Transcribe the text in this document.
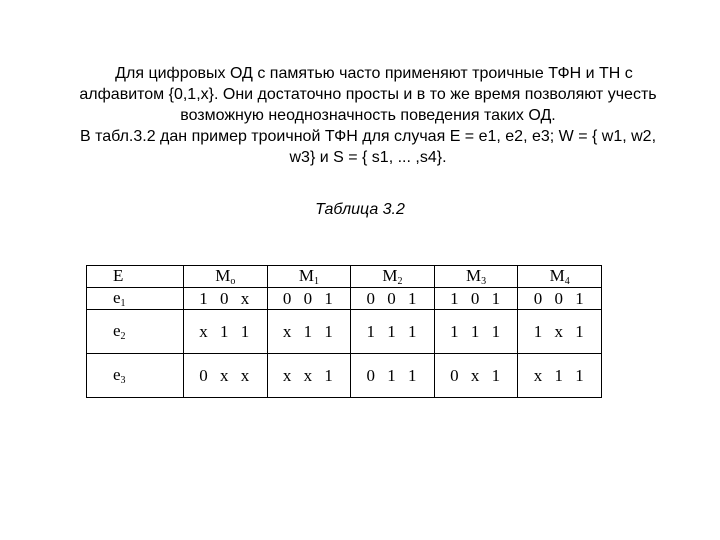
Для цифровых ОД с памятью часто применяют троичные ТФН и ТН с
алфавитом {0,1,x}. Они достаточно просты и в то же время позволяют учесть
возможную неоднозначность поведения таких ОД.
В табл.3.2 дан пример троичной ТФН для случая E = e1, e2, e3; W = { w1, w2,
w3} и S = { s1, ... ,s4}.
Таблица 3.2
E	$M_o$	$M_1$	$M_2$	$M_3$	$M_4$
$e_1$	1 0 x	0 0 1	0 0 1	1 0 1	0 0 1
$e_2$	x 1 1	x 1 1	1 1 1	1 1 1	1 x 1
$e_3$	0 x x	x x 1	0 1 1	0 x 1	x 1 1
